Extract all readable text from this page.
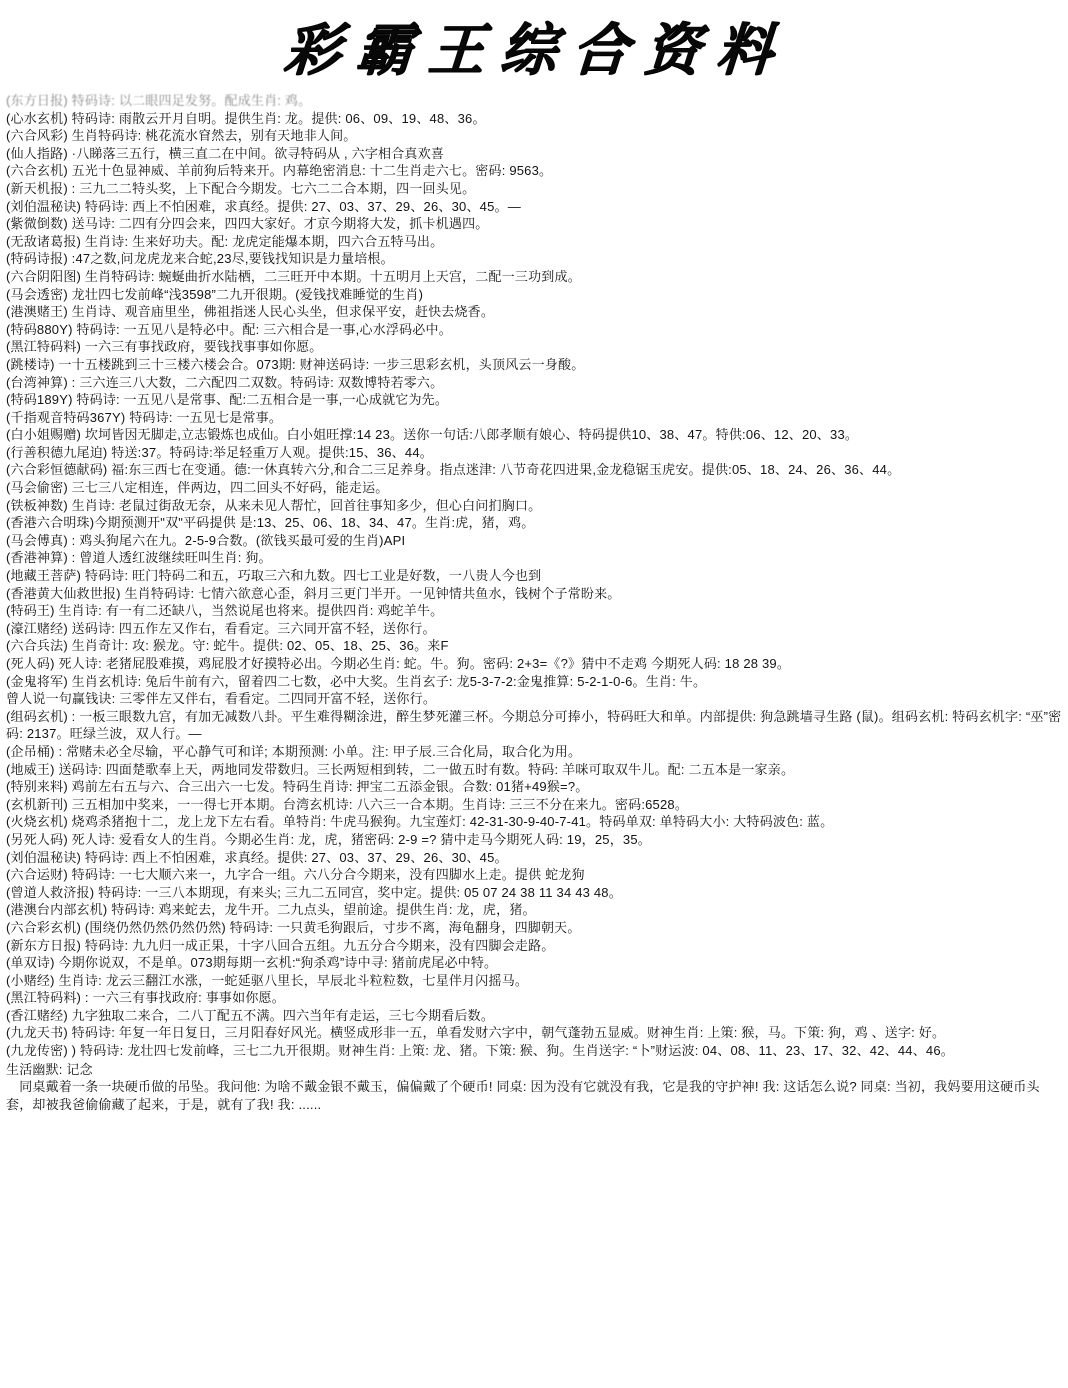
彩霸王综合资料

(东方日报) 特码诗: 以二眼四足发努。配成生肖: 鸡。

(心水玄机) 特码诗: 雨散云开月自明。提供生肖: 龙。提供: 06、09、19、48、36。

(六合风彩) 生肖特码诗: 桃花流水窅然去，别有天地非人间。

(仙人指路) ·八睇落三五行，横三直二在中间。欲寻特码从 , 六字相合真欢喜

(六合玄机) 五光十色显神威、羊前狗后特来开。内幕绝密消息: 十二生肖走六七。密码: 9563。

(新天机报) : 三九二二特头奖，上下配合今期发。七六二二合本期，四一回头见。

(刘伯温秘诀) 特码诗: 西上不怕困难，求真经。提供: 27、03、37、29、26、30、45。—

(紫微倒数) 送马诗: 二四有分四会来，四四大家好。才京今期将大发，抓卡机遇四。

(无敌诸葛报) 生肖诗: 生来好功夫。配: 龙虎定能爆本期，四六合五特马出。

(特码诗报) :47之数,问龙虎龙来合蛇,23尽,要钱找知识是力量培根。

(六合阴阳图) 生肖特码诗: 蜿蜒曲折水陆栖，二三旺开中本期。十五明月上天宫，二配一三功到成。

(马会透密) 龙壮四七发前峰“浅3598”二九开很期。(爱钱找难睡觉的生肖)

(港澳赌王) 生肖诗、观音庙里坐，佛祖指迷人民心头坐，但求保平安，赶快去烧香。

(特码880Y) 特码诗: 一五见八是特必中。配: 三六相合是一事,心水浮码必中。

(黑江特码料) 一六三有事找政府，要钱找事事如你愿。

(跳楼诗) 一十五楼跳到三十三楼六楼会合。073期: 财神送码诗: 一步三思彩玄机，头顶风云一身酸。

(台湾神算) : 三六连三八大数，二六配四二双数。特码诗: 双数博特若零六。

(特码189Y) 特码诗: 一五见八是常事、配:二五相合是一事,一心成就它为先。

(千指观音特码367Y) 特码诗: 一五见七是常事。

(白小姐赐赠) 坎坷皆因无脚走,立志锻炼也成仙。白小姐旺撑:14 23。送你一句话:八郎孝顺有娘心、特码提供10、38、47。特供:06、12、20、33。

(行善积德九尾迫) 特送:37。特码诗:举足轻重万人观。提供:15、36、44。

(六合彩恒德献码) 福:东三西七在变通。德:一休真转六分,和合二三足养身。指点迷津: 八节奇花四进果,金龙稳锯玉虎安。提供:05、18、24、26、36、44。

(马会偷密) 三七三八定相连，伴两边，四二回头不好码，能走运。

(铁板神数) 生肖诗: 老鼠过街敌无奈，从来未见人帮忙，回首往事知多少，但心白问扪胸口。

(香港六合明珠)今期预测开"双"平码提供 是:13、25、06、18、34、47。生肖:虎，猪，鸡。

(马会傅真) : 鸡头狗尾六在九。2-5-9合数。(欲钱买最可爱的生肖)API

(香港神算) : 曾道人透红波继续旺叫生肖: 狗。

(地藏王菩萨) 特码诗: 旺门特码二和五，巧取三六和九数。四七工业是好数，一八贵人今也到

(香港黄大仙救世报) 生肖特码诗: 七情六欲意心歪，斜月三更门半开。一见钟情共鱼水，钱树个子常盼来。

(特码王) 生肖诗: 有一有二还缺八，当然说尾也将来。提供四肖: 鸡蛇羊牛。

(濠江赌经) 送码诗: 四五作左又作右，看看定。三六同开富不轻，送你行。

(六合兵法) 生肖奇计: 攻: 猴龙。守: 蛇牛。提供: 02、05、18、25、36。来F

(死人码) 死人诗: 老猪屁股难摸，鸡屁股才好摸特必出。今期必生肖: 蛇。牛。狗。密码: 2+3=《?》猜中不走鸡 今期死人码: 18 28 39。

(金鬼将军) 生肖玄机诗: 兔后牛前有六，留着四二七数，必中大奖。生肖玄子: 龙5-3-7-2:金鬼推算: 5-2-1-0-6。生肖: 牛。

曾人说一句赢钱诀: 三零伴左又伴右，看看定。二四同开富不轻，送你行。

(组码玄机) : 一板三眼数九宫，有加无减数八卦。平生难得糊涂进，醉生梦死灌三杯。今期总分可捧小，特码旺大和单。内部提供: 狗急跳墙寻生路 (鼠)。组码玄机: 特码玄机字: “巫”密码: 2137。旺绿兰波，双人行。—

(企吊桶) : 常赌未必全尽输，平心静气可和详; 本期预测: 小单。注: 甲子辰.三合化局，取合化为用。

(地威王) 送码诗: 四面楚歌奉上天，两地同发带数归。三长两短相到转，二一做五时有数。特码: 羊咪可取双牛儿。配: 二五本是一家亲。

(特别来料) 鸡前左右五与六、合三出六一七发。特码生肖诗: 押宝二五添金银。合数: 01猪+49猴=?。

(玄机新刊) 三五相加中奖来，一一得七开本期。台湾玄机诗: 八六三一合本期。生肖诗: 三三不分在来九。密码:6528。

(火烧玄机) 烧鸡杀猪抱十二，龙上龙下左右看。单特肖: 牛虎马猴狗。九宝莲灯: 42-31-30-9-40-7-41。特码单双: 单特码大小: 大特码波色: 蓝。

(另死人码) 死人诗: 爱看女人的生肖。今期必生肖: 龙，虎，猪密码: 2-9 =? 猜中走马今期死人码: 19，25，35。

(刘伯温秘诀) 特码诗: 西上不怕困难，求真经。提供: 27、03、37、29、26、30、45。

(六合运财) 特码诗: 一七大顺六来一，九字合一组。六八分合今期来，没有四脚水上走。提供 蛇龙狗

(曾道人救济报) 特码诗: 一三八本期现，有来头; 三九二五同宫，奖中定。提供: 05 07 24 38 11 34 43 48。

(港澳台内部玄机) 特码诗: 鸡来蛇去，龙牛开。二九点头，望前途。提供生肖: 龙，虎，猪。

(六合彩玄机) (围绕仍然仍然仍然仍然) 特码诗: 一只黄毛狗跟后，寸步不离，海龟翻身，四脚朝天。

(新东方日报) 特码诗: 九九归一成正果，十字八回合五组。九五分合今期来，没有四脚会走路。

(单双诗) 今期你说双，不是单。073期每期一玄机:“狗杀鸡”诗中寻: 猪前虎尾必中特。

(小赌经) 生肖诗: 龙云三翻江水涨，一蛇延驱八里长，早辰北斗粒粒数，七星伴月闪摇马。

(黑江特码料) : 一六三有事找政府: 事事如你愿。

(香江赌经) 九字独取二来合，二八丁配五不满。四六当年有走运，三七今期看后数。

(九龙天书) 特码诗: 年复一年日复日，三月阳春好风光。横竖成形非一五，单看发财六字中，朝气蓬勃五显威。财神生肖: 上策: 猴，马。下策: 狗，鸡 、送字: 好。

(九龙传密) ) 特码诗: 龙壮四七发前峰，三七二九开很期。财神生肖: 上策: 龙、猪。下策: 猴、狗。生肖送字: “卜”财运波: 04、08、11、23、17、32、42、44、46。

生活幽默: 记念

　同桌戴着一条一块硬币做的吊坠。我问他: 为啥不戴金银不戴玉，偏偏戴了个硬币! 同桌: 因为没有它就没有我，它是我的守护神! 我: 这话怎么说? 同桌: 当初，我妈要用这硬币头套，却被我爸偷偷藏了起来，于是，就有了我! 我: ......
